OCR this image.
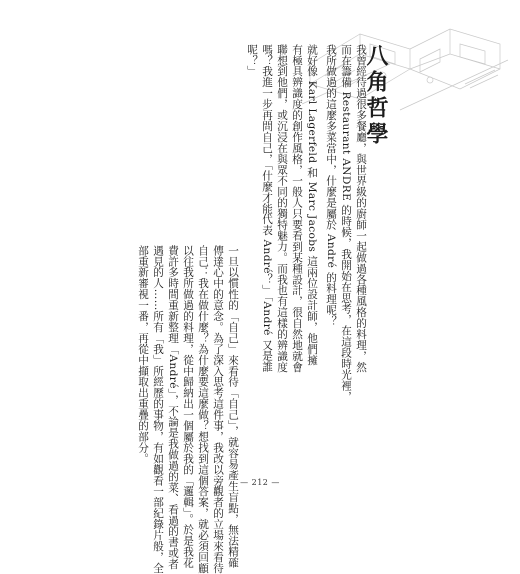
八角哲學
我曾經待過很多餐廳，與世界級的廚師一起做過各種風格的料理，然
而在籌備 Restaurant ANDRE 的時候，我開始在思考，在這段時光裡，
我所做過的這麼多菜當中，什麼是屬於 André 的料理呢？
就好像 Karl Lagerfeld 和 Marc Jacobs 這兩位設計師，他們擁
有極具辨識度的創作風格，一般人只要看到某種設計，很自然地就會
聯想到他們，或沉浸在與眾不同的獨特魅力。而我也有這樣的辨識度
嗎？我進一步再問自己，「什麼才能代表 André？」「André 又是誰
呢？」
一旦以慣性的「自己」來看待「自己」，就容易產生盲點，無法精確
傳達心中的意念。為了深入思考這件事，我改以旁觀者的立場來看待
自己：我在做什麼？為什麼要這麼做？想找到這個答案，就必須回顧
以往我所做過的料理，從中歸納出一個屬於我的「邏輯」。於是我花
費許多時間重新整理「André」，不論是我做過的菜、看過的書或者
遇見的人……所有「我」所經歷的事物，有如觀看一部紀錄片般，全
部重新審視一番，再從中擷取出重疊的部分。
— 212 —
